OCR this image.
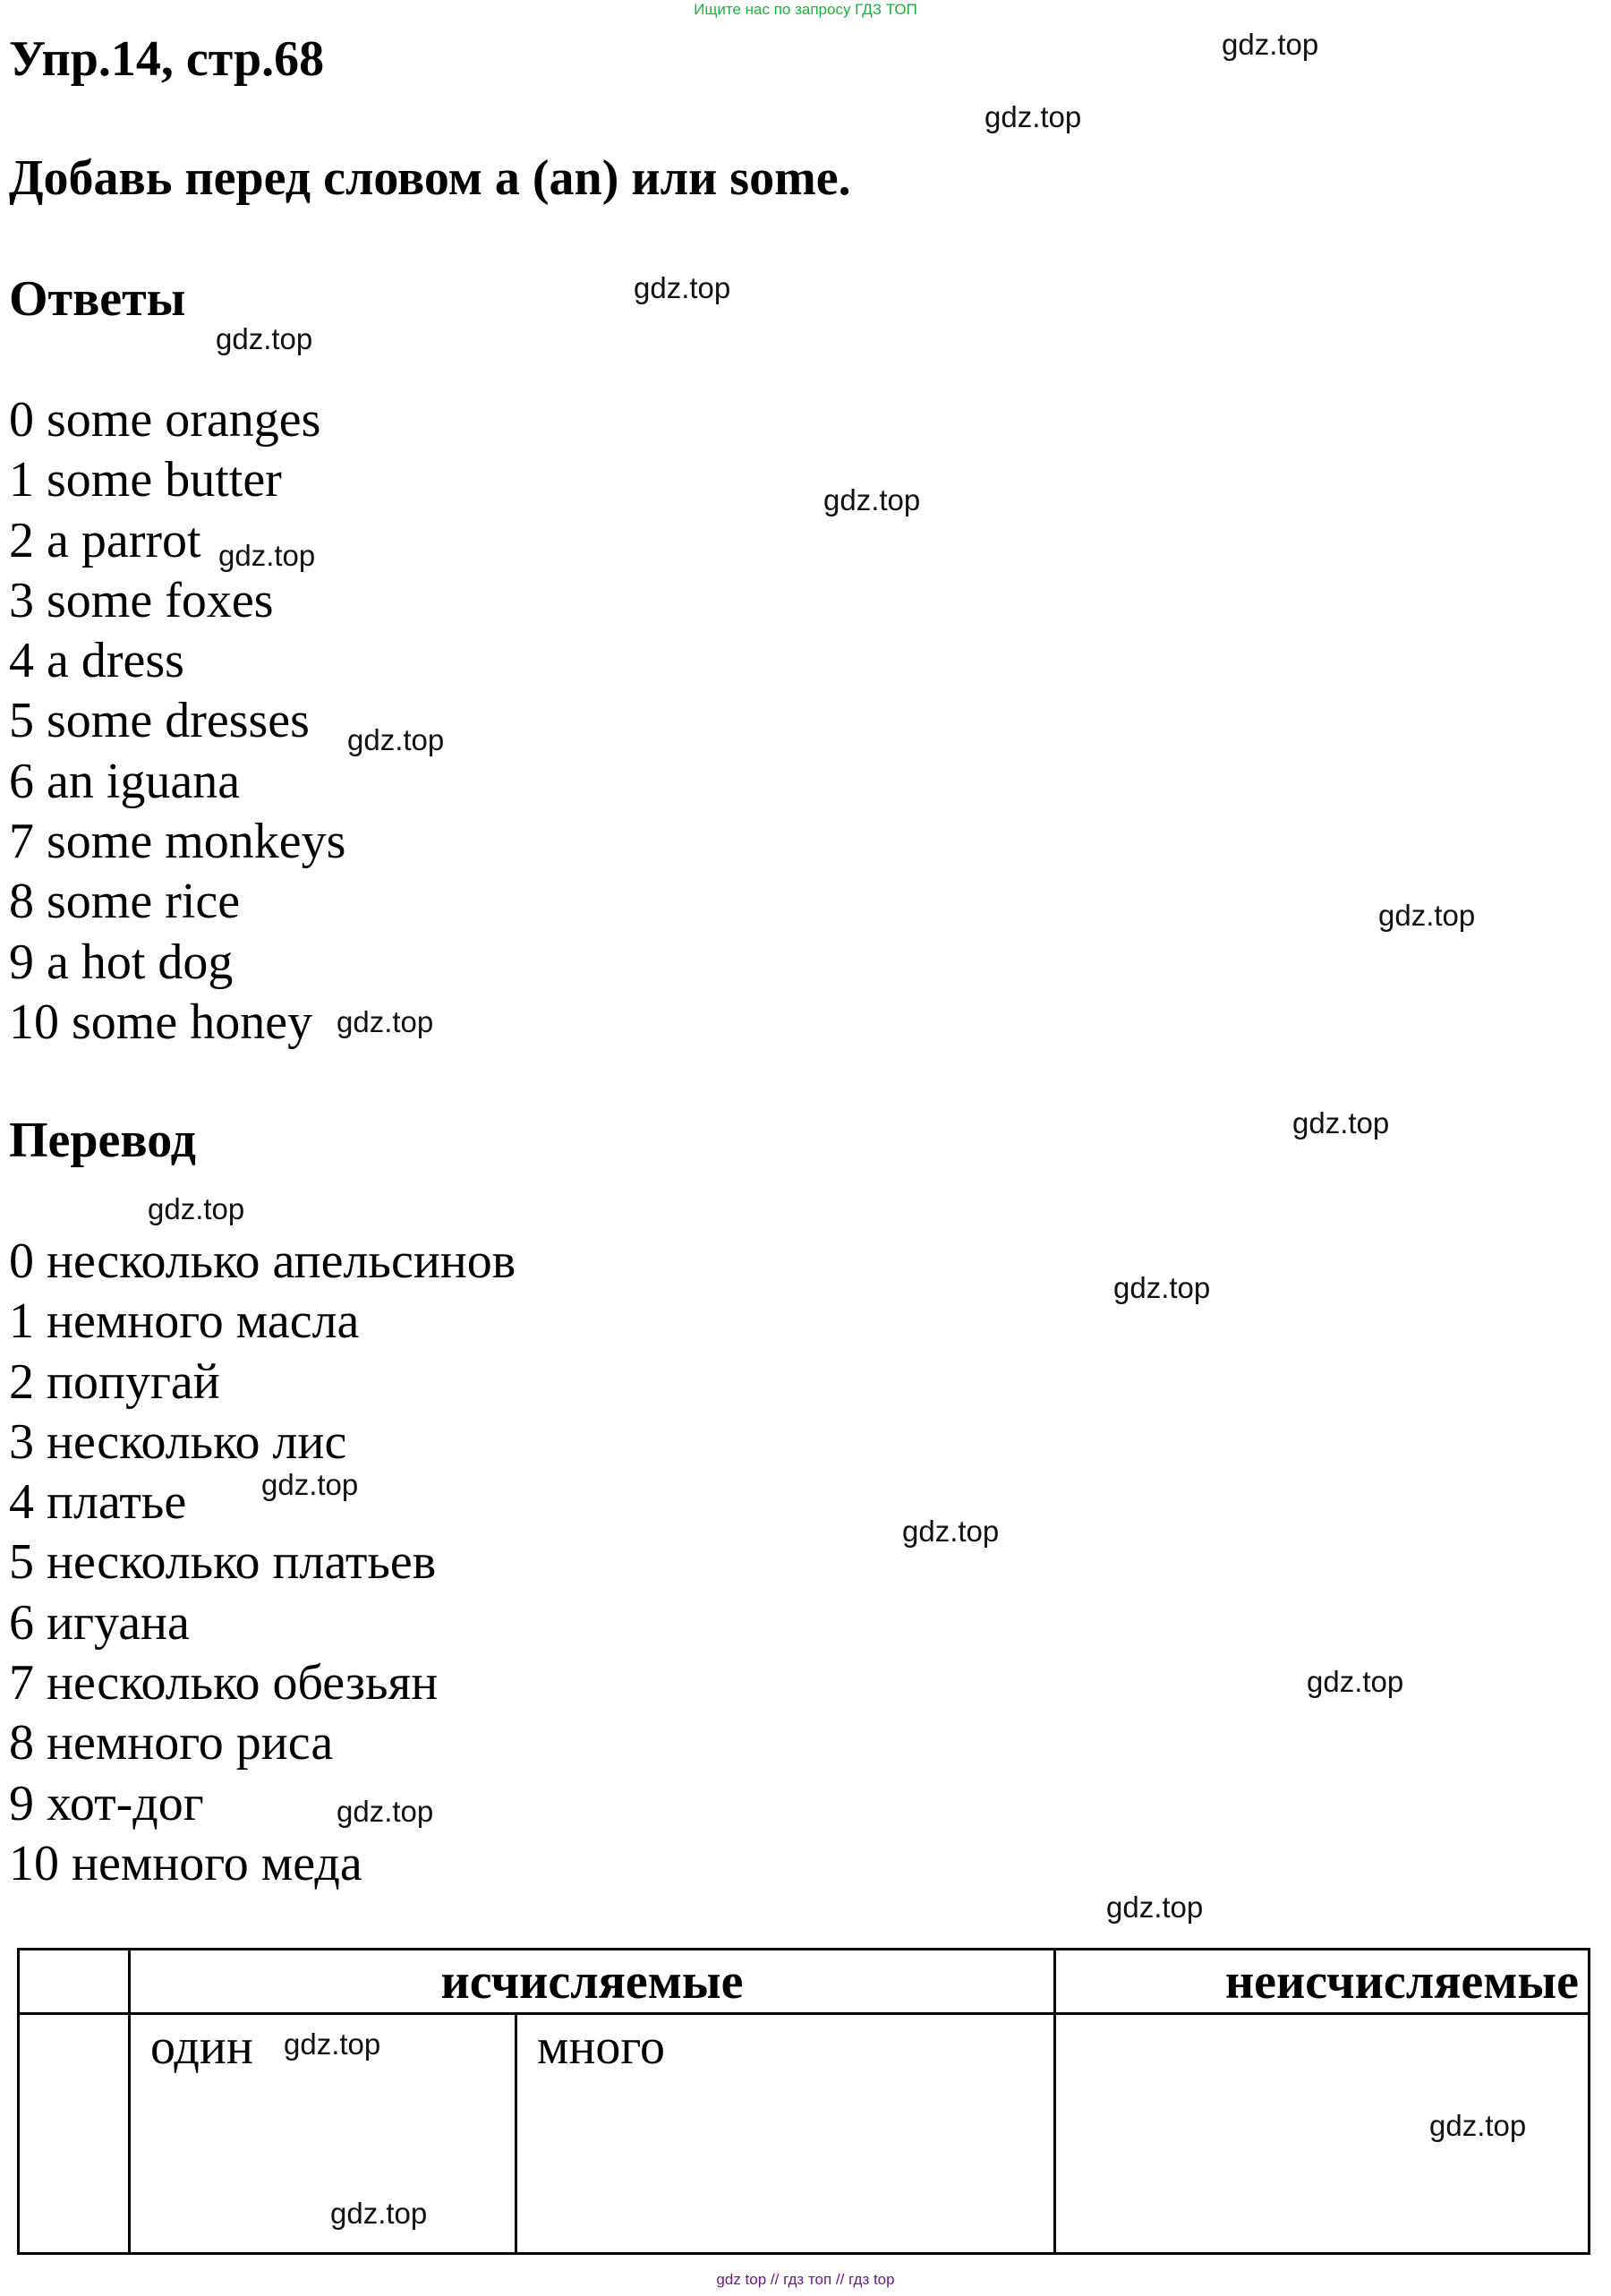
Ищите нас по запросу ГДЗ ТОП
Упр.14, стр.68
Добавь перед словом a (an) или some.
Ответы
0 some oranges
1 some butter
2 a parrot
3 some foxes
4 a dress
5 some dresses
6 an iguana
7 some monkeys
8 some rice
9 a hot dog
10 some honey
Перевод
0 несколько апельсинов
1 немного масла
2 попугай
3 несколько лис
4 платье
5 несколько платьев
6 игуана
7 несколько обезьян
8 немного риса
9 хот-дог
10 немного меда
исчисляемые	неисчисляемые
один	много
gdz.top
gdz.top
gdz.top
gdz.top
gdz.top
gdz.top
gdz.top
gdz.top
gdz.top
gdz.top
gdz.top
gdz.top
gdz.top
gdz.top
gdz.top
gdz.top
gdz.top
gdz.top
gdz.top
gdz.top
gdz top // гдз топ // гдз top
